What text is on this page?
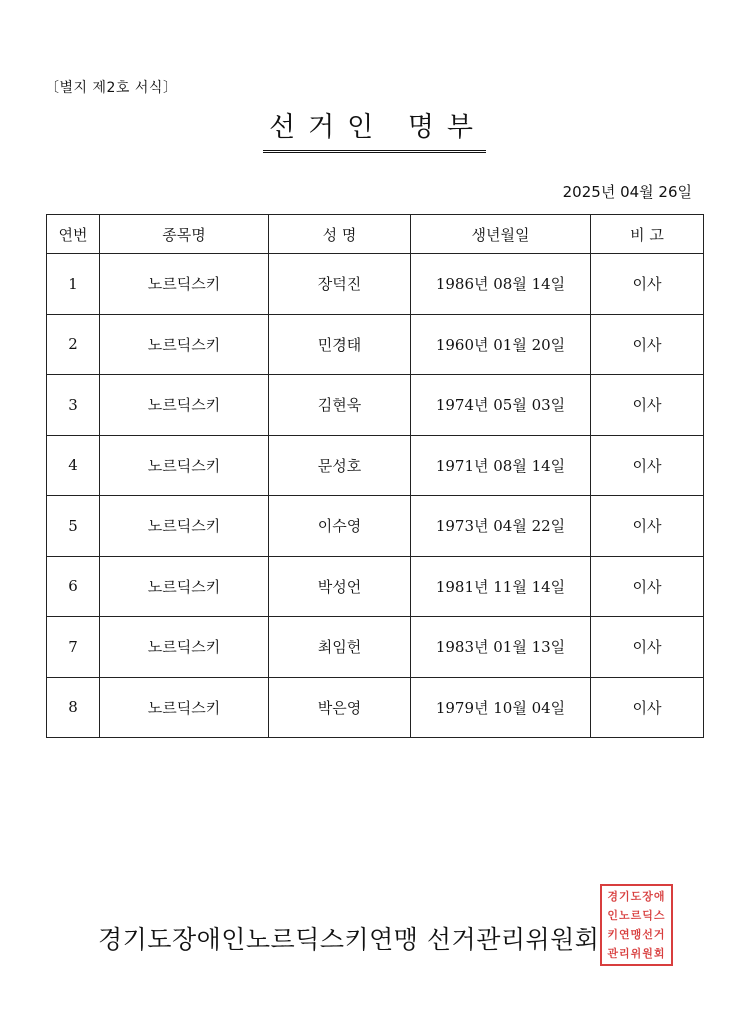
〔별지 제2호 서식〕
선거인 명부
2025년 04월 26일
연번	종목명	성 명	생년월일	비 고
1	노르딕스키	장덕진	1986년 08월 14일	이사
2	노르딕스키	민경태	1960년 01월 20일	이사
3	노르딕스키	김현욱	1974년 05월 03일	이사
4	노르딕스키	문성호	1971년 08월 14일	이사
5	노르딕스키	이수영	1973년 04월 22일	이사
6	노르딕스키	박성언	1981년 11월 14일	이사
7	노르딕스키	최임헌	1983년 01월 13일	이사
8	노르딕스키	박은영	1979년 10월 04일	이사
경기도장애인노르딕스키연맹 선거관리위원회
경기도장애
인노르딕스
키연맹선거
관리위원회
